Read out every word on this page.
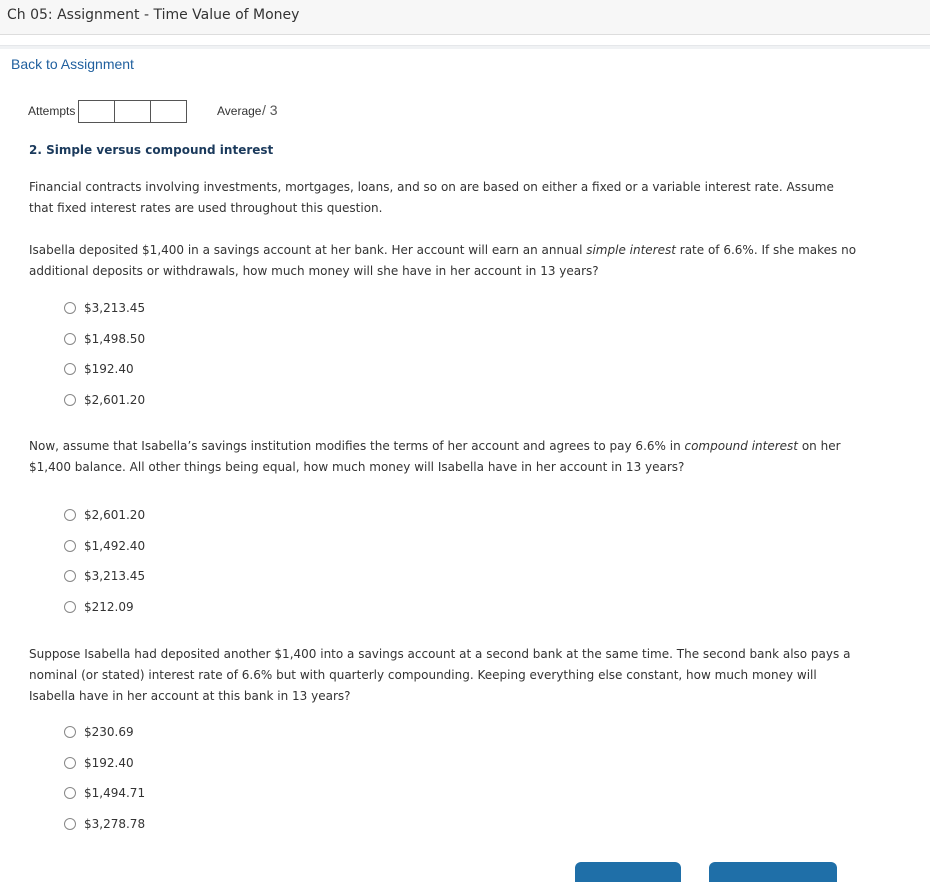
Ch 05: Assignment - Time Value of Money
Back to Assignment
Attempts	Average / 3
2. Simple versus compound interest
Financial contracts involving investments, mortgages, loans, and so on are based on either a fixed or a variable interest rate. Assume that fixed interest rates are used throughout this question.
Isabella deposited $1,400 in a savings account at her bank. Her account will earn an annual simple interest rate of 6.6%. If she makes no additional deposits or withdrawals, how much money will she have in her account in 13 years?
$3,213.45
$1,498.50
$192.40
$2,601.20
Now, assume that Isabella’s savings institution modifies the terms of her account and agrees to pay 6.6% in compound interest on her $1,400 balance. All other things being equal, how much money will Isabella have in her account in 13 years?
$2,601.20
$1,492.40
$3,213.45
$212.09
Suppose Isabella had deposited another $1,400 into a savings account at a second bank at the same time. The second bank also pays a nominal (or stated) interest rate of 6.6% but with quarterly compounding. Keeping everything else constant, how much money will Isabella have in her account at this bank in 13 years?
$230.69
$192.40
$1,494.71
$3,278.78
